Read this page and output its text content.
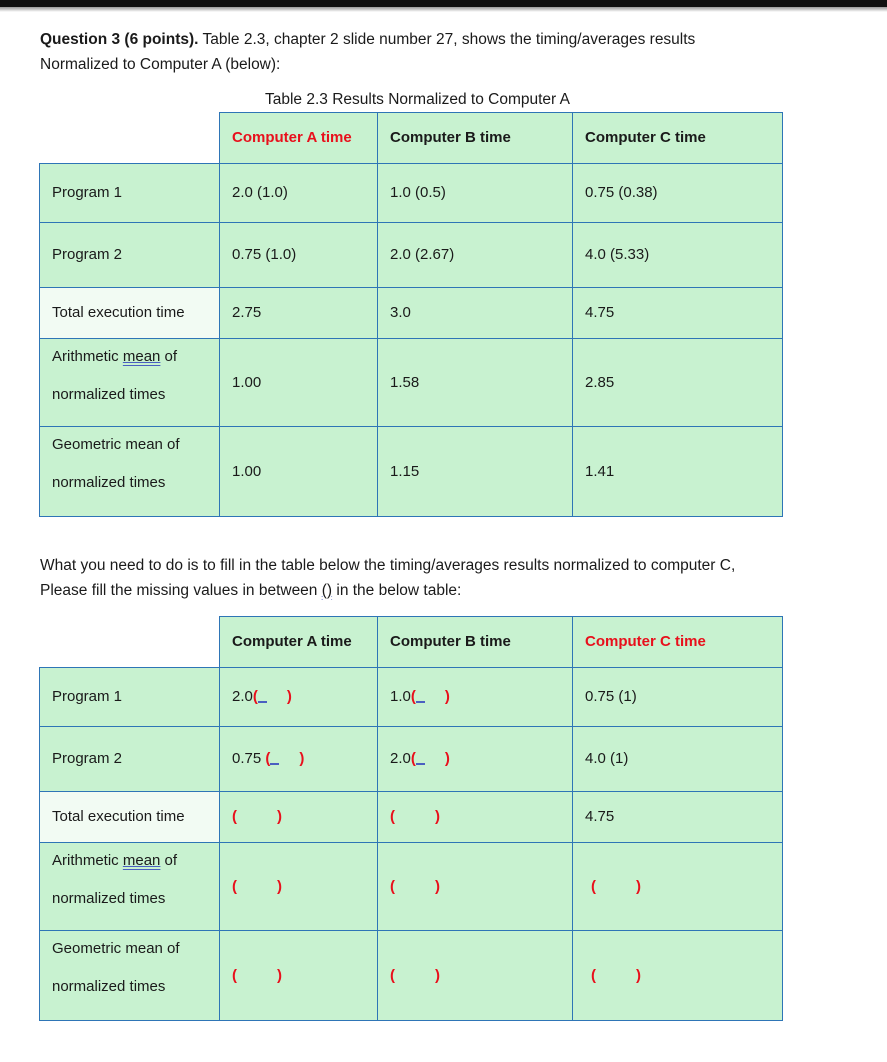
Question 3 (6 points). Table 2.3, chapter 2 slide number 27, shows the timing/averages results
Normalized to Computer A (below):

Table 2.3 Results Normalized to Computer A
	Computer A time	Computer B time	Computer C time
Program 1	2.0 (1.0)	1.0 (0.5)	0.75 (0.38)
Program 2	0.75 (1.0)	2.0 (2.67)	4.0 (5.33)
Total execution time	2.75	3.0	4.75

Arithmetic mean of
normalized times	1.00	1.58	2.85

Geometric mean of
normalized times	1.00	1.15	1.41

What you need to do is to fill in the table below the timing/averages results normalized to computer C,
Please fill the missing values in between () in the below table:

	Computer A time	Computer B time	Computer C time
Program 1	2.0( )	1.0( )	0.75 (1)
Program 2	0.75 ( )	2.0( )	4.0 (1)
Total execution time	( )	( )	4.75

Arithmetic mean of
normalized times	( )	( )	( )

Geometric mean of
normalized times	( )	( )	( )
